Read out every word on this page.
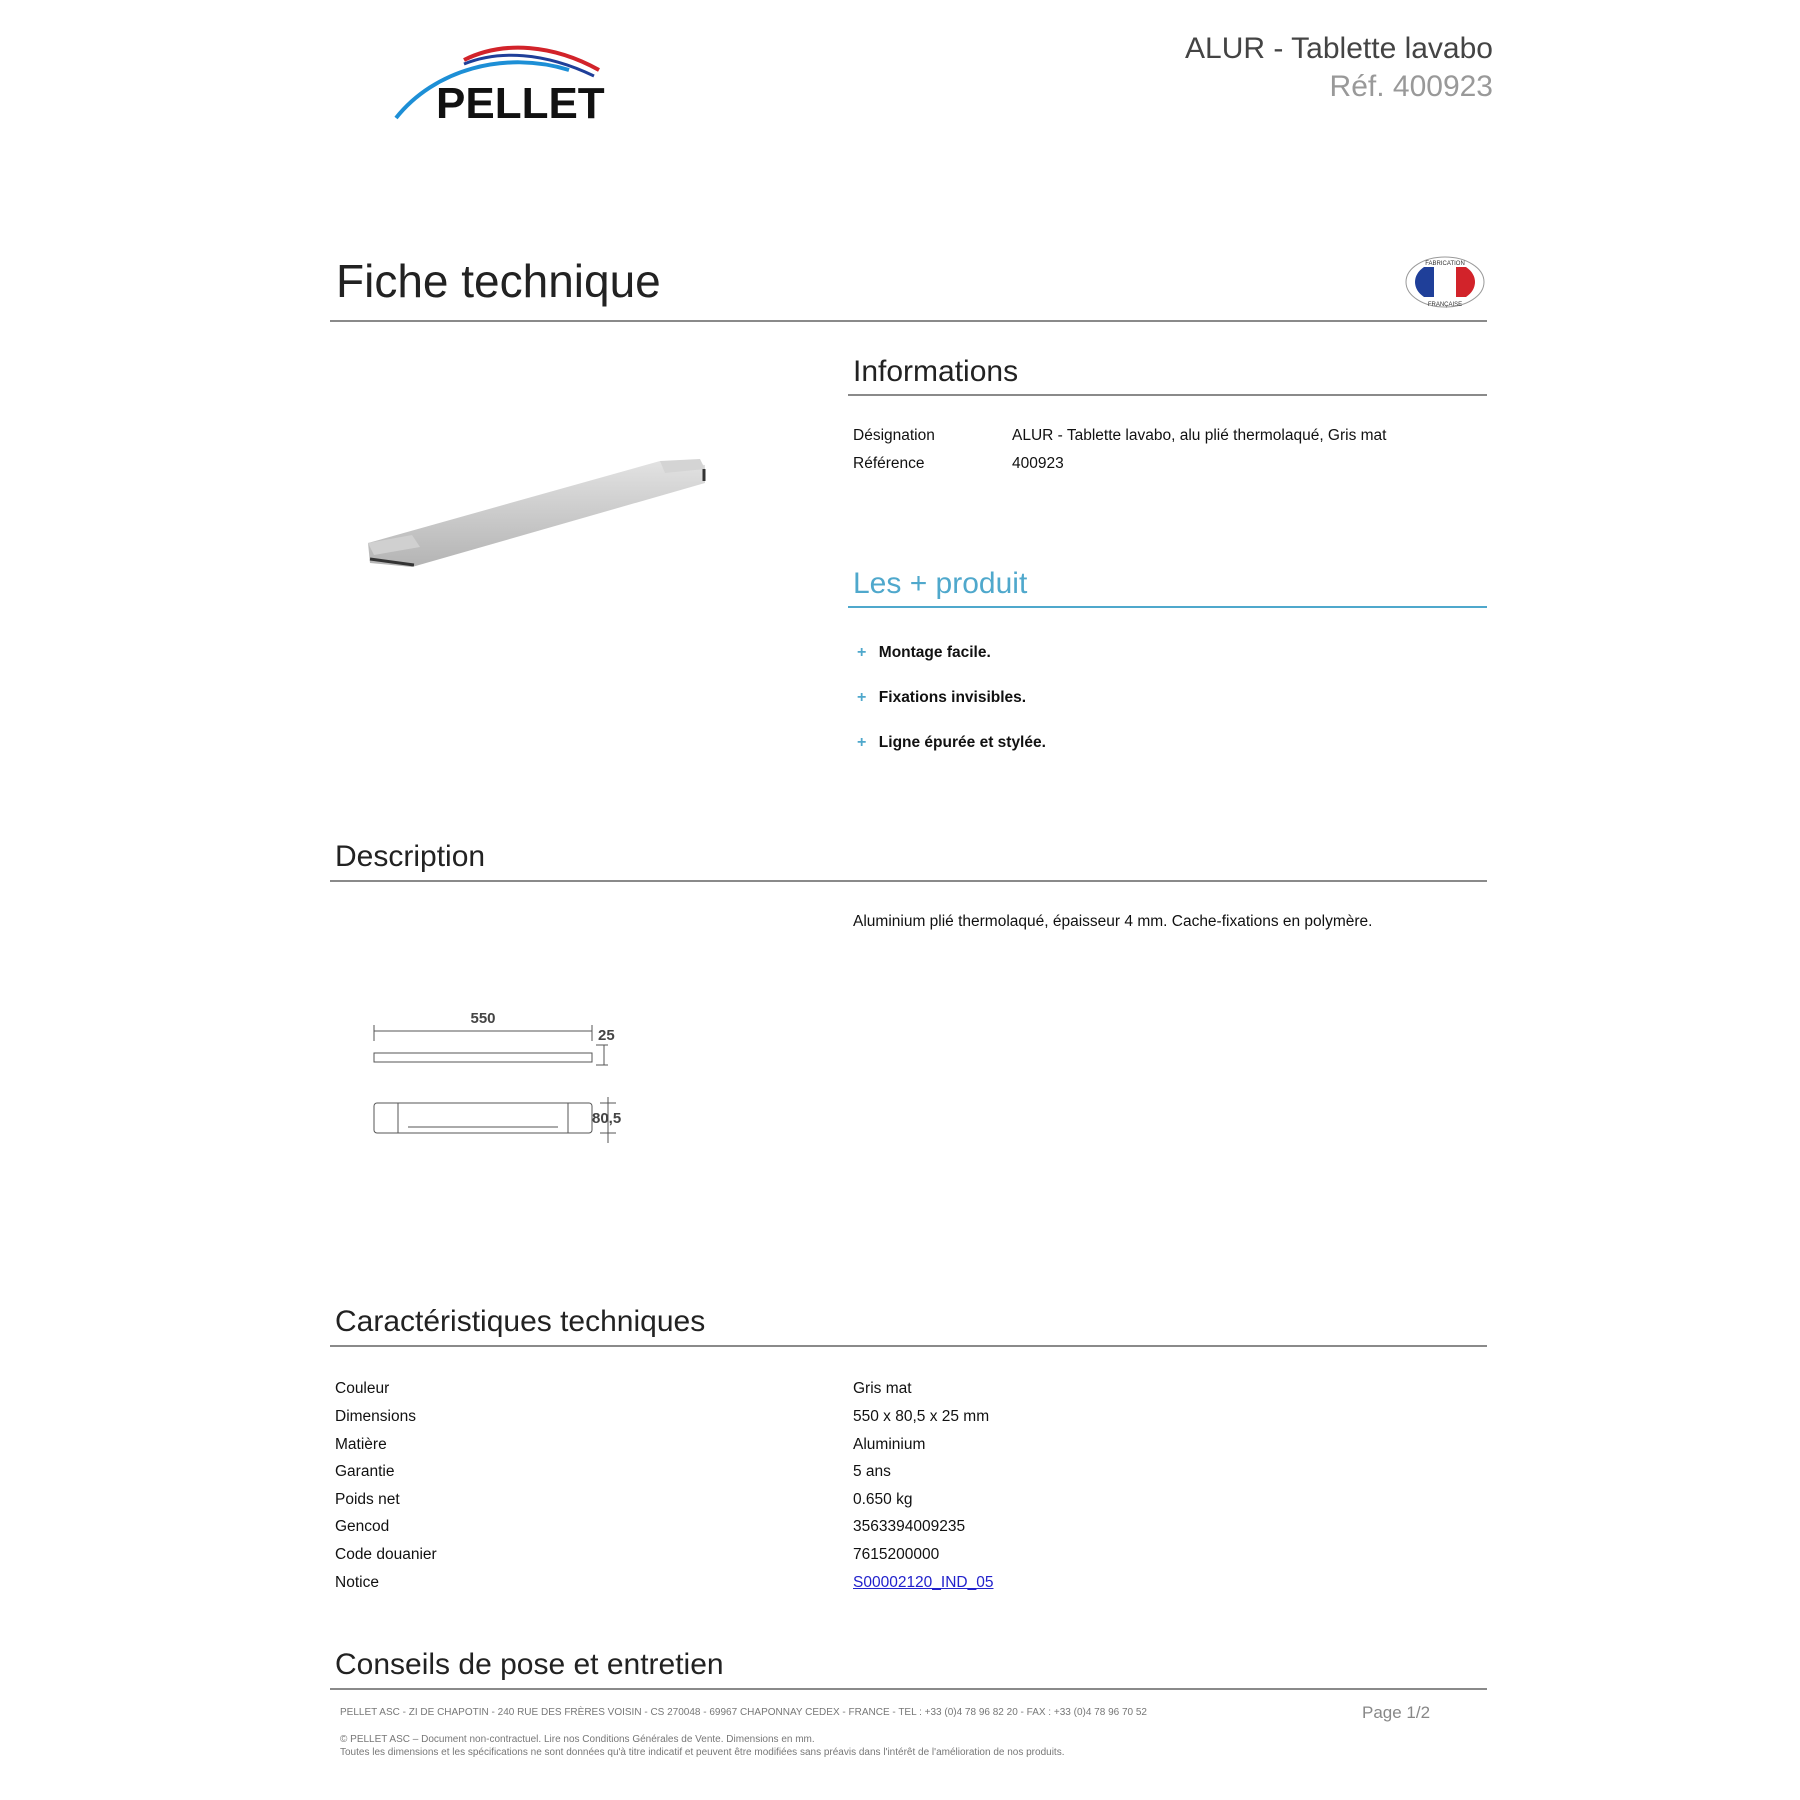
PELLET
ALUR - Tablette lavabo
Réf. 400923
Fiche technique	FABRICATION
FRANÇAISE
Informations
Désignation	ALUR - Tablette lavabo, alu plié thermolaqué, Gris mat
Référence	400923
Les + produit
+ Montage facile.
+ Fixations invisibles.
+ Ligne épurée et stylée.
Description
Aluminium plié thermolaqué, épaisseur 4 mm. Cache-fixations en polymère.
550
25
80,5
Caractéristiques techniques
Couleur	Gris mat
Dimensions	550 x 80,5 x 25 mm
Matière	Aluminium
Garantie	5 ans
Poids net	0.650 kg
Gencod	3563394009235
Code douanier	7615200000
Notice	S00002120_IND_05
Conseils de pose et entretien
PELLET ASC - ZI DE CHAPOTIN - 240 RUE DES FRÈRES VOISIN - CS 270048 - 69967 CHAPONNAY CEDEX - FRANCE - TEL : +33 (0)4 78 96 82 20 - FAX : +33 (0)4 78 96 70 52	Page 1/2
© PELLET ASC – Document non-contractuel. Lire nos Conditions Générales de Vente. Dimensions en mm.
Toutes les dimensions et les spécifications ne sont données qu'à titre indicatif et peuvent être modifiées sans préavis dans l'intérêt de l'amélioration de nos produits.
